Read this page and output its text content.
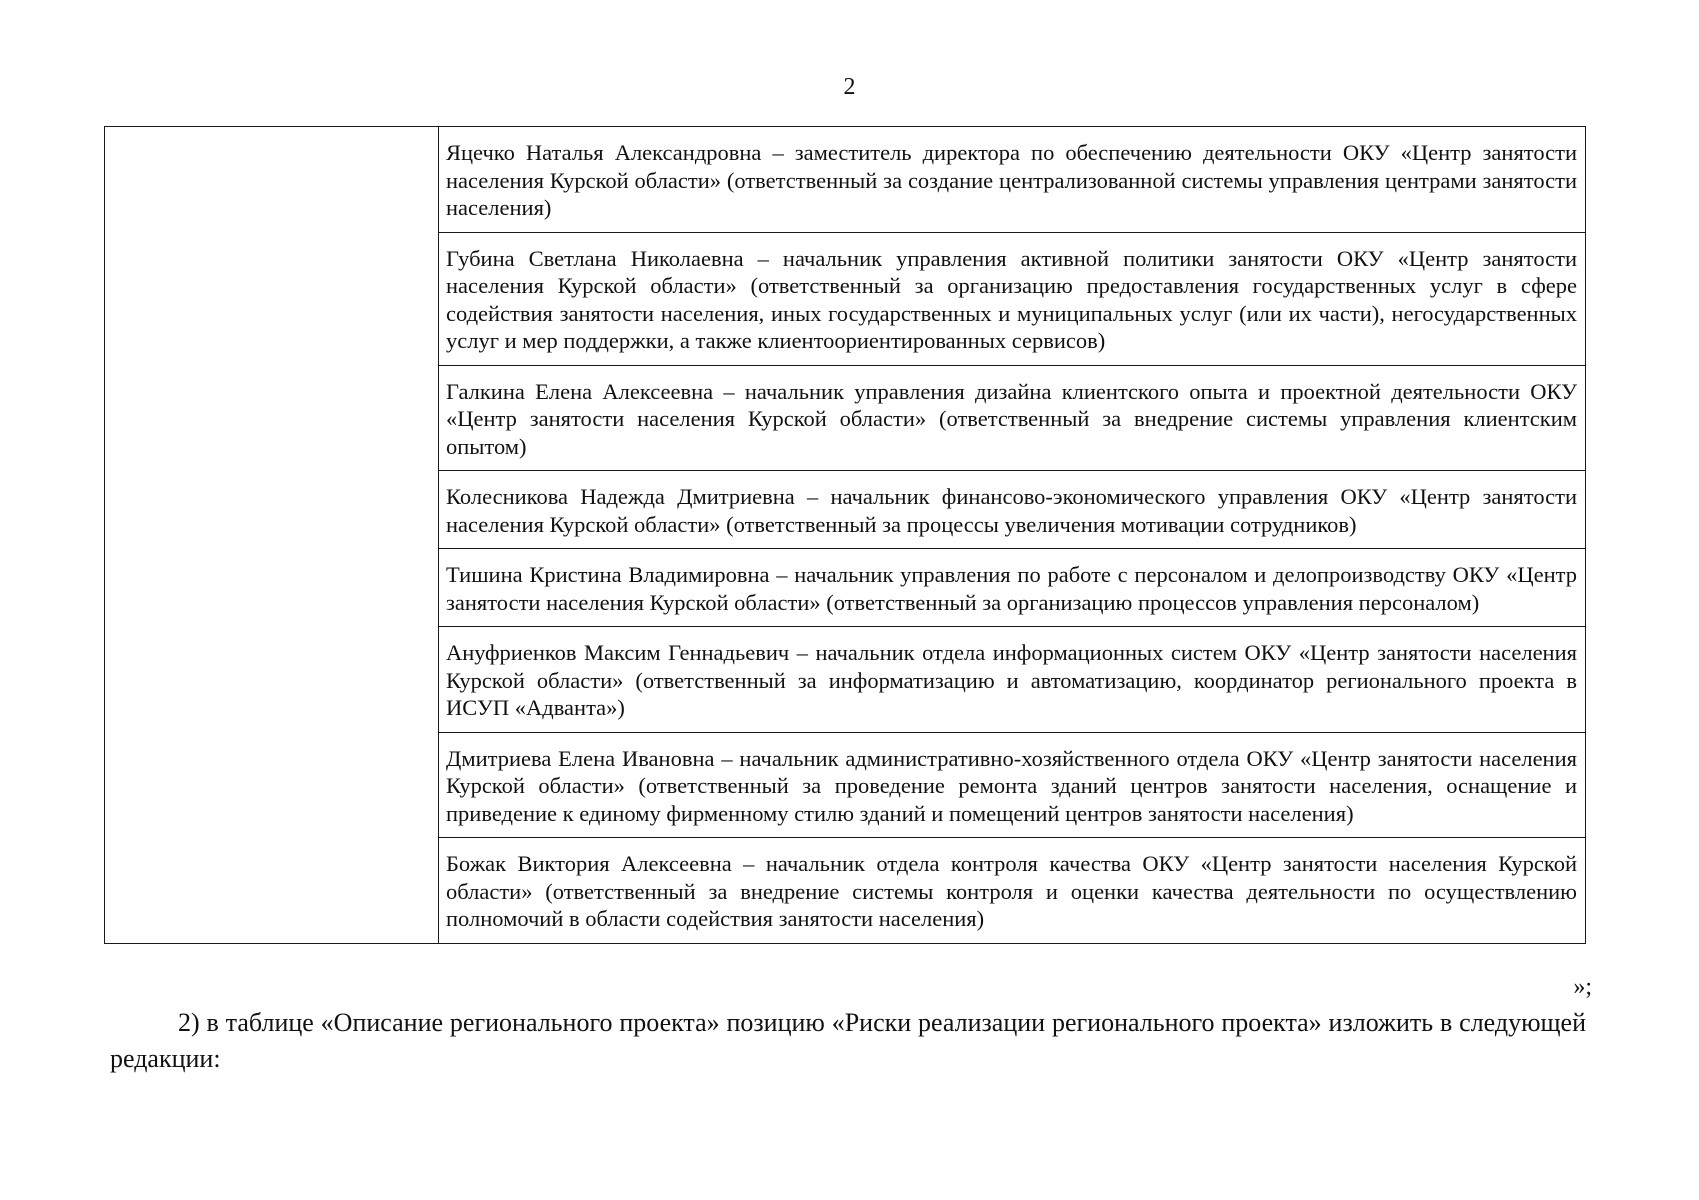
2

Яцечко Наталья Александровна – заместитель директора по обеспечению деятельности ОКУ «Центр занятости населения Курской области» (ответственный за создание централизованной системы управления центрами занятости населения)

Губина Светлана Николаевна – начальник управления активной политики занятости ОКУ «Центр занятости населения Курской области» (ответственный за организацию предоставления государственных услуг в сфере содействия занятости населения, иных государственных и муниципальных услуг (или их части), негосударственных услуг и мер поддержки, а также клиентоориентированных сервисов)

Галкина Елена Алексеевна – начальник управления дизайна клиентского опыта и проектной деятельности ОКУ «Центр занятости населения Курской области» (ответственный за внедрение системы управления клиентским опытом)

Колесникова Надежда Дмитриевна – начальник финансово-экономического управления ОКУ «Центр занятости населения Курской области» (ответственный за процессы увеличения мотивации сотрудников)

Тишина Кристина Владимировна – начальник управления по работе с персоналом и делопроизводству ОКУ «Центр занятости населения Курской области» (ответственный за организацию процессов управления персоналом)

Ануфриенков Максим Геннадьевич – начальник отдела информационных систем ОКУ «Центр занятости населения Курской области» (ответственный за информатизацию и автоматизацию, координатор регионального проекта в ИСУП «Адванта»)

Дмитриева Елена Ивановна – начальник административно-хозяйственного отдела ОКУ «Центр занятости населения Курской области» (ответственный за проведение ремонта зданий центров занятости населения, оснащение и приведение к единому фирменному стилю зданий и помещений центров занятости населения)

Божак Виктория Алексеевна – начальник отдела контроля качества ОКУ «Центр занятости населения Курской области» (ответственный за внедрение системы контроля и оценки качества деятельности по осуществлению полномочий в области содействия занятости населения)
»;
2) в таблице «Описание регионального проекта» позицию «Риски реализации регионального проекта» изложить в следующей редакции:
